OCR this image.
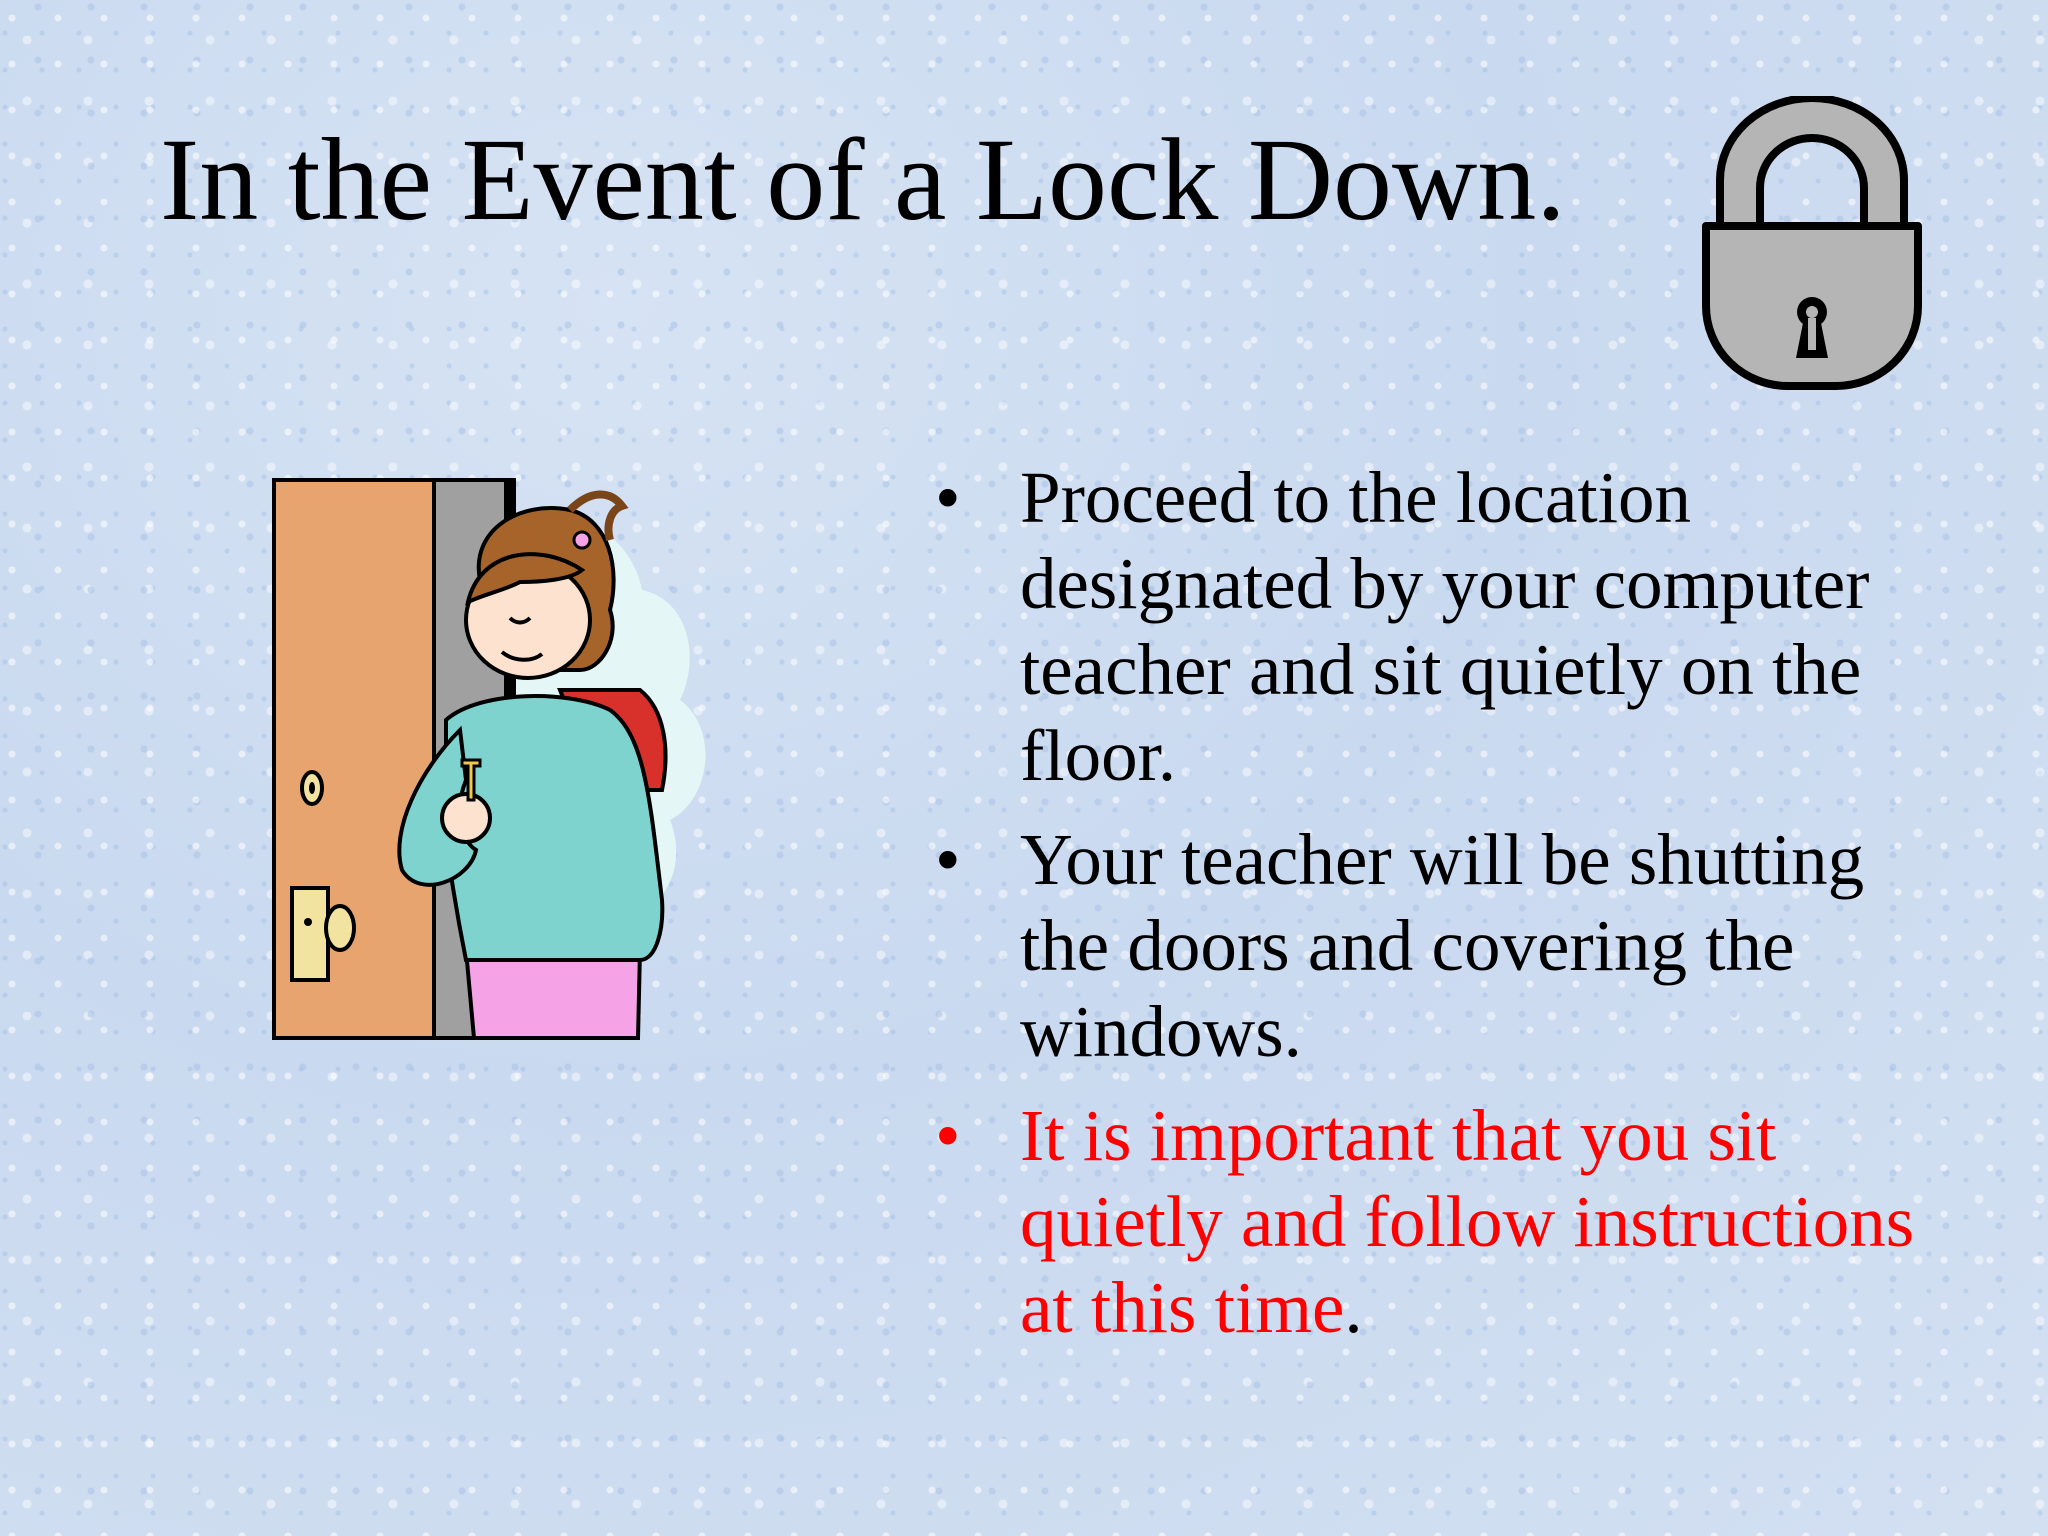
In the Event of a Lock Down.
• Proceed to the location designated by your computer teacher and sit quietly on the floor.
• Your teacher will be shutting the doors and covering the windows.
• It is important that you sit quietly and follow instructions at this time.
